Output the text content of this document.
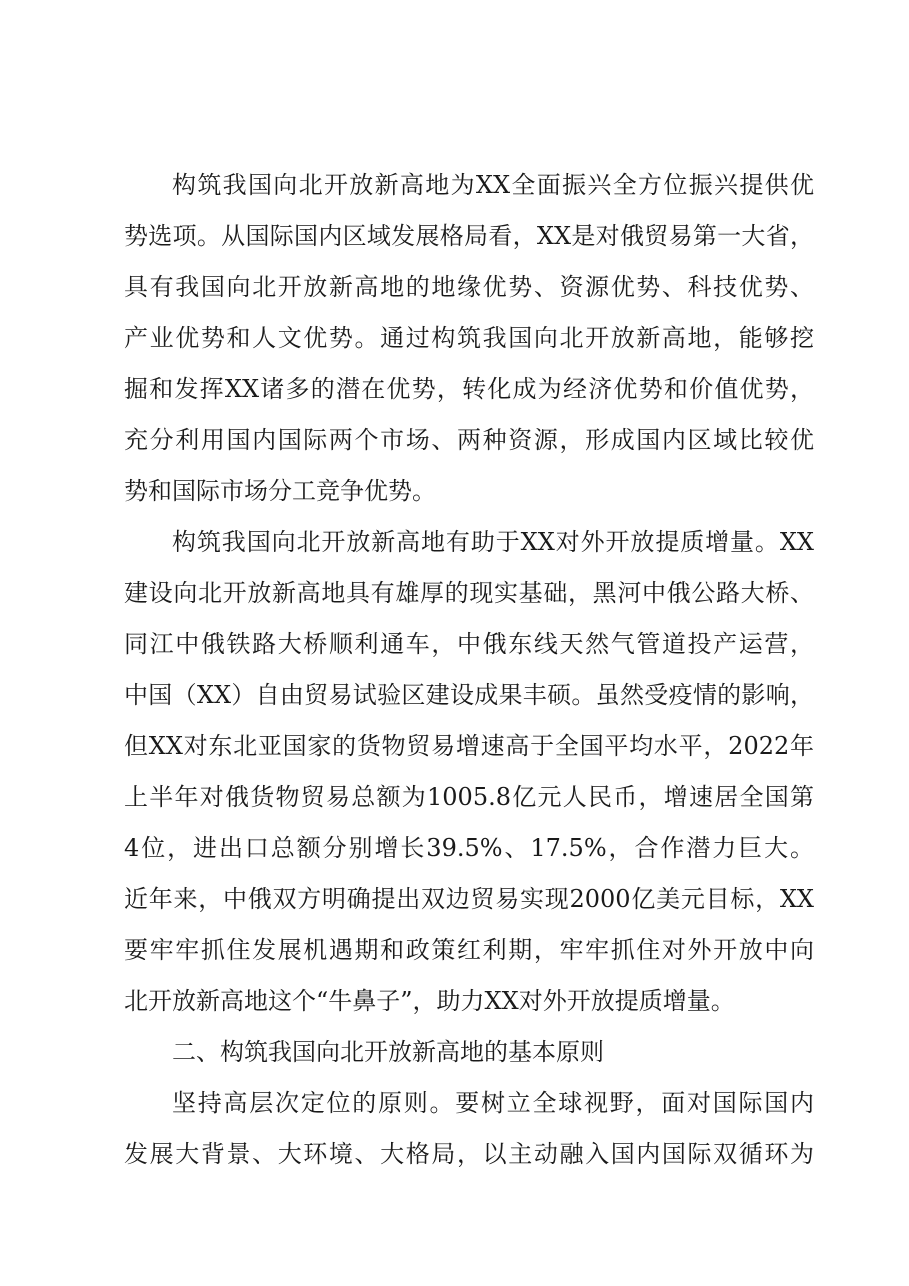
构筑我国向北开放新高地为XX全面振兴全方位振兴提供优
势选项。从国际国内区域发展格局看，XX是对俄贸易第一大省，
具有我国向北开放新高地的地缘优势、资源优势、科技优势、
产业优势和人文优势。通过构筑我国向北开放新高地，能够挖
掘和发挥XX诸多的潜在优势，转化成为经济优势和价值优势，
充分利用国内国际两个市场、两种资源，形成国内区域比较优
势和国际市场分工竞争优势。
构筑我国向北开放新高地有助于XX对外开放提质增量。XX
建设向北开放新高地具有雄厚的现实基础，黑河中俄公路大桥、
同江中俄铁路大桥顺利通车，中俄东线天然气管道投产运营，
中国（XX）自由贸易试验区建设成果丰硕。虽然受疫情的影响，
但XX对东北亚国家的货物贸易增速高于全国平均水平，2022年
上半年对俄货物贸易总额为1005.8亿元人民币，增速居全国第
4位，进出口总额分别增长39.5%、17.5%，合作潜力巨大。
近年来，中俄双方明确提出双边贸易实现2000亿美元目标，XX
要牢牢抓住发展机遇期和政策红利期，牢牢抓住对外开放中向
北开放新高地这个“牛鼻子”，助力XX对外开放提质增量。
二、构筑我国向北开放新高地的基本原则
坚持高层次定位的原则。要树立全球视野，面对国际国内
发展大背景、大环境、大格局，以主动融入国内国际双循环为
